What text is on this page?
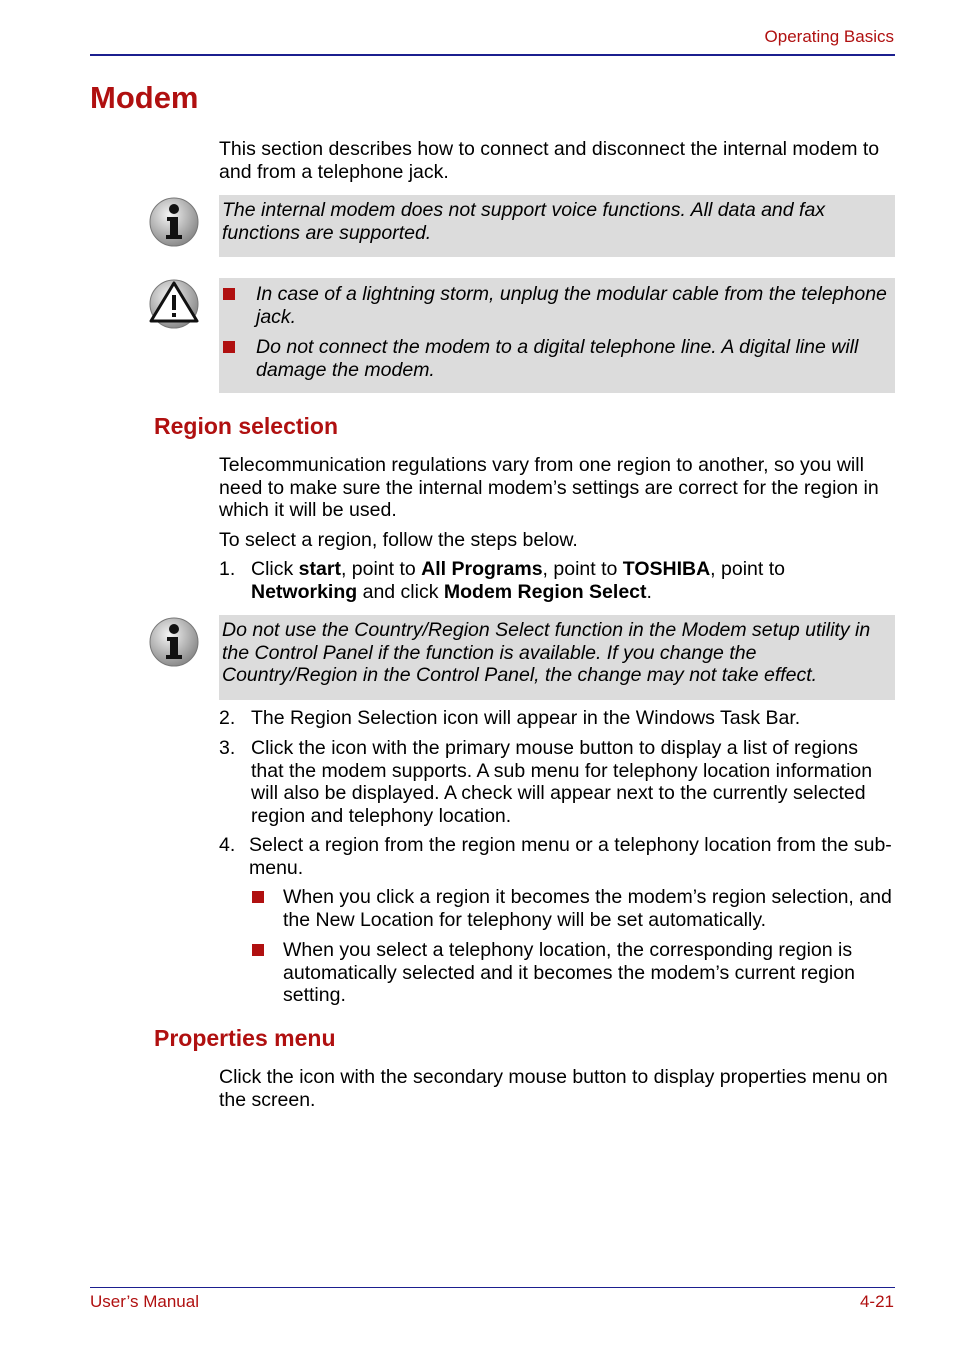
Operating Basics
Modem

This section describes how to connect and disconnect the internal modem to and from a telephone jack.

The internal modem does not support voice functions. All data and fax functions are supported.
In case of a lightning storm, unplug the modular cable from the telephone jack.
Do not connect the modem to a digital telephone line. A digital line will damage the modem.
Region selection

Telecommunication regulations vary from one region to another, so you will need to make sure the internal modem’s settings are correct for the region in which it will be used.

To select a region, follow the steps below.

1. Click start, point to All Programs, point to TOSHIBA, point to Networking and click Modem Region Select.
Do not use the Country/Region Select function in the Modem setup utility in the Control Panel if the function is available. If you change the Country/Region in the Control Panel, the change may not take effect.
2. The Region Selection icon will appear in the Windows Task Bar.
3. Click the icon with the primary mouse button to display a list of regions that the modem supports. A sub menu for telephony location information will also be displayed. A check will appear next to the currently selected region and telephony location.
4. Select a region from the region menu or a telephony location from the sub-menu.
When you click a region it becomes the modem’s region selection, and the New Location for telephony will be set automatically.
When you select a telephony location, the corresponding region is automatically selected and it becomes the modem’s current region setting.
Properties menu

Click the icon with the secondary mouse button to display properties menu on the screen.

User’s Manual	4-21
